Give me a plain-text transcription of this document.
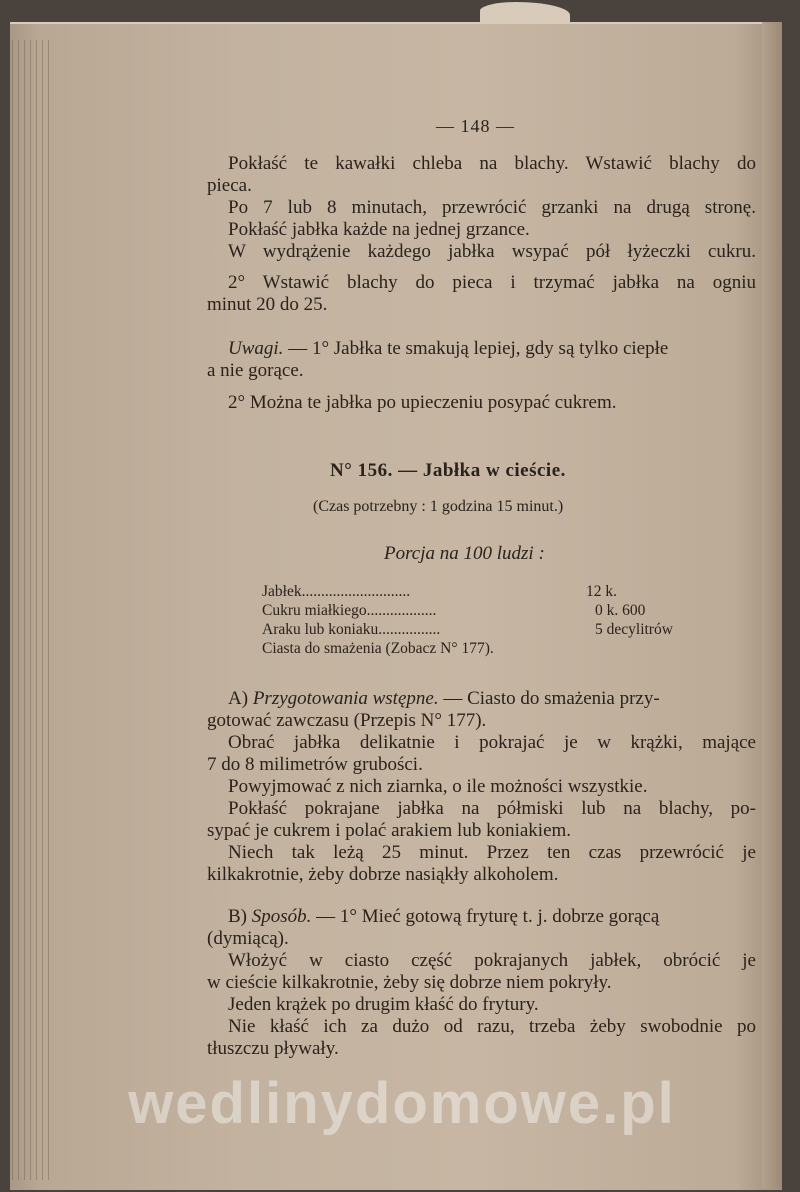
— 148 —
Pokłaść te kawałki chleba na blachy. Wstawić blachy do
pieca.
Po 7 lub 8 minutach, przewrócić grzanki na drugą stronę.
Pokłaść jabłka każde na jednej grzance.
W wydrążenie każdego jabłka wsypać pół łyżeczki cukru.
2° Wstawić blachy do pieca i trzymać jabłka na ogniu
minut 20 do 25.
Uwagi. — 1° Jabłka te smakują lepiej, gdy są tylko ciepłe
a nie gorące.
2° Można te jabłka po upieczeniu posypać cukrem.
N° 156. — Jabłka w cieście.
(Czas potrzebny : 1 godzina 15 minut.)
Porcja na 100 ludzi :
Jabłek............................	12 k.
Cukru miałkiego..................	0 k. 600
Araku lub koniaku................	5 decylitrów
Ciasta do smażenia (Zobacz N° 177).
A) Przygotowania wstępne. — Ciasto do smażenia przy-
gotować zawczasu (Przepis N° 177).
Obrać jabłka delikatnie i pokrajać je w krążki, mające
7 do 8 milimetrów grubości.
Powyjmować z nich ziarnka, o ile możności wszystkie.
Pokłaść pokrajane jabłka na półmiski lub na blachy, po-
sypać je cukrem i polać arakiem lub koniakiem.
Niech tak leżą 25 minut. Przez ten czas przewrócić je
kilkakrotnie, żeby dobrze nasiąkły alkoholem.
B) Sposób. — 1° Mieć gotową fryturę t. j. dobrze gorącą
(dymiącą).
Włożyć w ciasto część pokrajanych jabłek, obrócić je
w cieście kilkakrotnie, żeby się dobrze niem pokryły.
Jeden krążek po drugim kłaść do frytury.
Nie kłaść ich za dużo od razu, trzeba żeby swobodnie po
tłuszczu pływały.
wedlinydomowe.pl
